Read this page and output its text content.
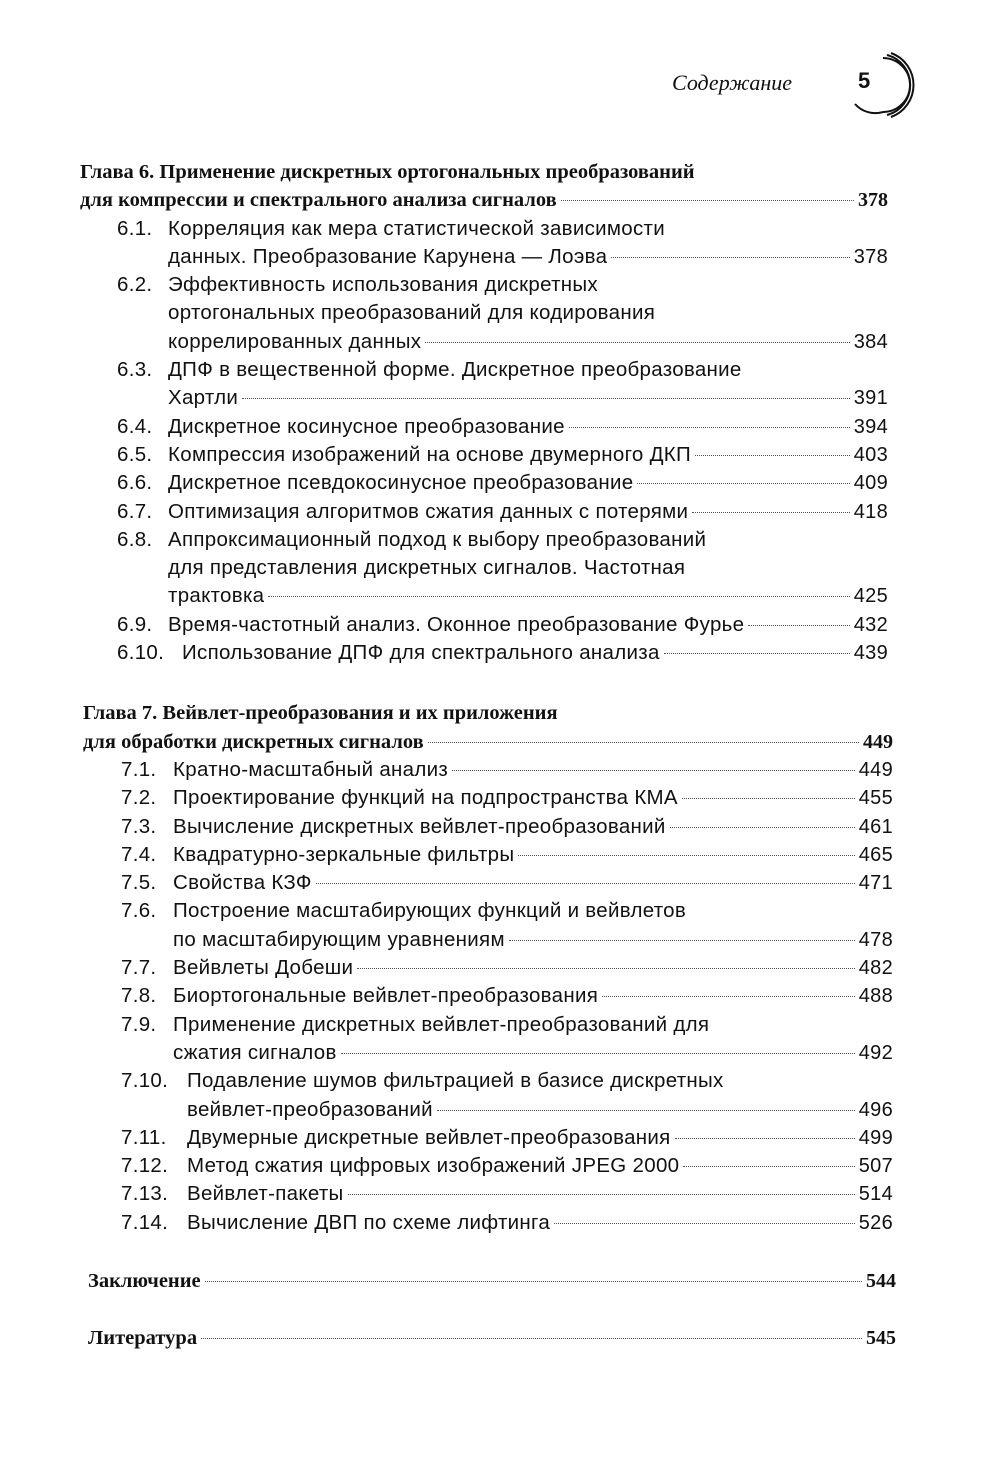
Содержание	5
Глава 6. Применение дискретных ортогональных преобразований
для компрессии и спектрального анализа сигналов	378
6.1. Корреляция как мера статистической зависимости
данных. Преобразование Карунена — Лоэва	378
6.2. Эффективность использования дискретных
ортогональных преобразований для кодирования
коррелированных данных	384
6.3. ДПФ в вещественной форме. Дискретное преобразование
Хартли	391
6.4. Дискретное косинусное преобразование	394
6.5. Компрессия изображений на основе двумерного ДКП	403
6.6. Дискретное псевдокосинусное преобразование	409
6.7. Оптимизация алгоритмов сжатия данных с потерями	418
6.8. Аппроксимационный подход к выбору преобразований
для представления дискретных сигналов. Частотная
трактовка	425
6.9. Время-частотный анализ. Оконное преобразование Фурье	432
6.10. Использование ДПФ для спектрального анализа	439
Глава 7. Вейвлет-преобразования и их приложения
для обработки дискретных сигналов	449
7.1. Кратно-масштабный анализ	449
7.2. Проектирование функций на подпространства КМА	455
7.3. Вычисление дискретных вейвлет-преобразований	461
7.4. Квадратурно-зеркальные фильтры	465
7.5. Свойства КЗФ	471
7.6. Построение масштабирующих функций и вейвлетов
по масштабирующим уравнениям	478
7.7. Вейвлеты Добеши	482
7.8. Биортогональные вейвлет-преобразования	488
7.9. Применение дискретных вейвлет-преобразований для
сжатия сигналов	492
7.10. Подавление шумов фильтрацией в базисе дискретных
вейвлет-преобразований	496
7.11. Двумерные дискретные вейвлет-преобразования	499
7.12. Метод сжатия цифровых изображений JPEG 2000	507
7.13. Вейвлет-пакеты	514
7.14. Вычисление ДВП по схеме лифтинга	526
Заключение	544
Литература	545
